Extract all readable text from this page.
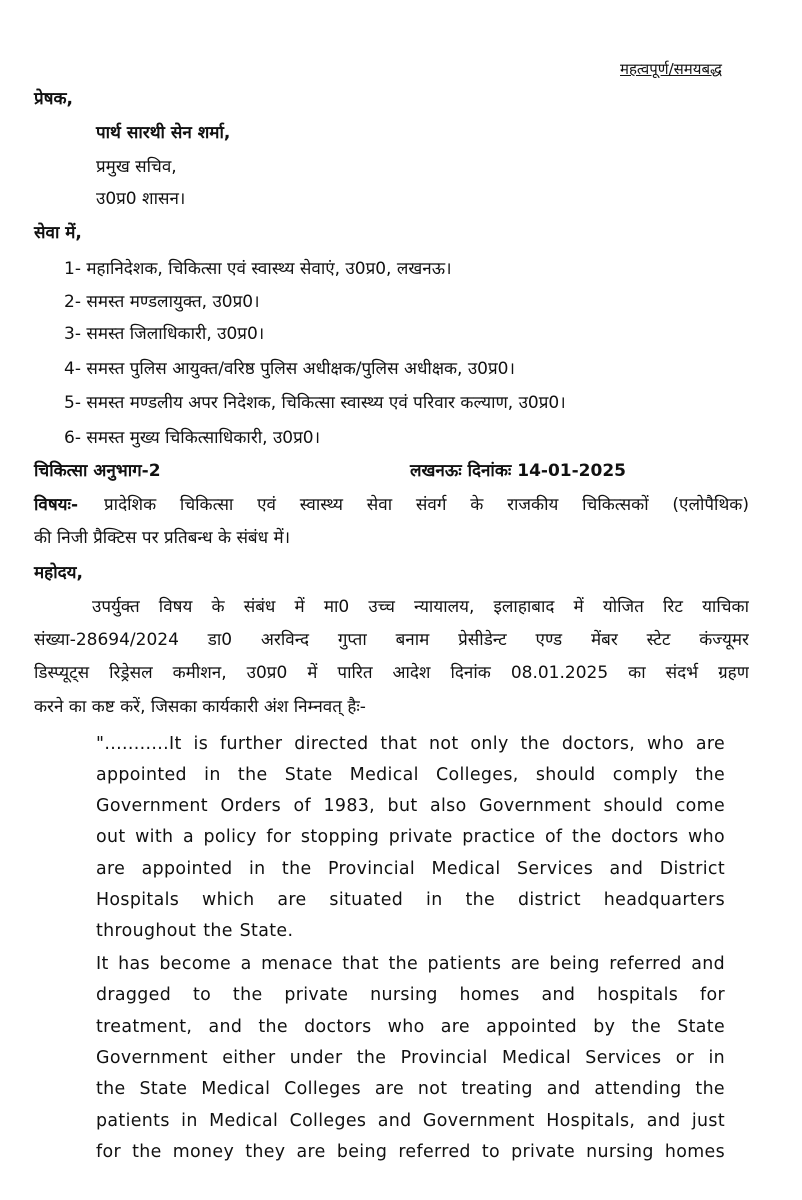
महत्वपूर्ण/समयबद्ध
प्रेषक,
पार्थ सारथी सेन शर्मा,
प्रमुख सचिव,
उ0प्र0 शासन।
सेवा में,
1- महानिदेशक, चिकित्सा एवं स्वास्थ्य सेवाएं, उ0प्र0, लखनऊ।
2- समस्त मण्डलायुक्त, उ0प्र0।
3- समस्त जिलाधिकारी, उ0प्र0।
4- समस्त पुलिस आयुक्त/वरिष्ठ पुलिस अधीक्षक/पुलिस अधीक्षक, उ0प्र0।
5- समस्त मण्डलीय अपर निदेशक, चिकित्सा स्वास्थ्य एवं परिवार कल्याण, उ0प्र0।
6- समस्त मुख्य चिकित्साधिकारी, उ0प्र0।
चिकित्सा अनुभाग-2	लखनऊः दिनांकः 14-01-2025
विषयः- प्रादेशिक चिकित्सा एवं स्वास्थ्य सेवा संवर्ग के राजकीय चिकित्सकों (एलोपैथिक)
की निजी प्रैक्टिस पर प्रतिबन्ध के संबंध में।
महोदय,
उपर्युक्त विषय के संबंध में मा0 उच्च न्यायालय, इलाहाबाद में योजित रिट याचिका
संख्या-28694/2024 डा0 अरविन्द गुप्ता बनाम प्रेसीडेन्ट एण्ड मेंबर स्टेट कंज्यूमर
डिस्प्यूट्स रिड्रेसल कमीशन, उ0प्र0 में पारित आदेश दिनांक 08.01.2025 का संदर्भ ग्रहण
करने का कष्ट करें, जिसका कार्यकारी अंश निम्नवत् हैः-
"...........It is further directed that not only the doctors, who are
appointed in the State Medical Colleges, should comply the
Government Orders of 1983, but also Government should come
out with a policy for stopping private practice of the doctors who
are appointed in the Provincial Medical Services and District
Hospitals which are situated in the district headquarters
throughout the State.
It has become a menace that the patients are being referred and
dragged to the private nursing homes and hospitals for
treatment, and the doctors who are appointed by the State
Government either under the Provincial Medical Services or in
the State Medical Colleges are not treating and attending the
patients in Medical Colleges and Government Hospitals, and just
for the money they are being referred to private nursing homes
